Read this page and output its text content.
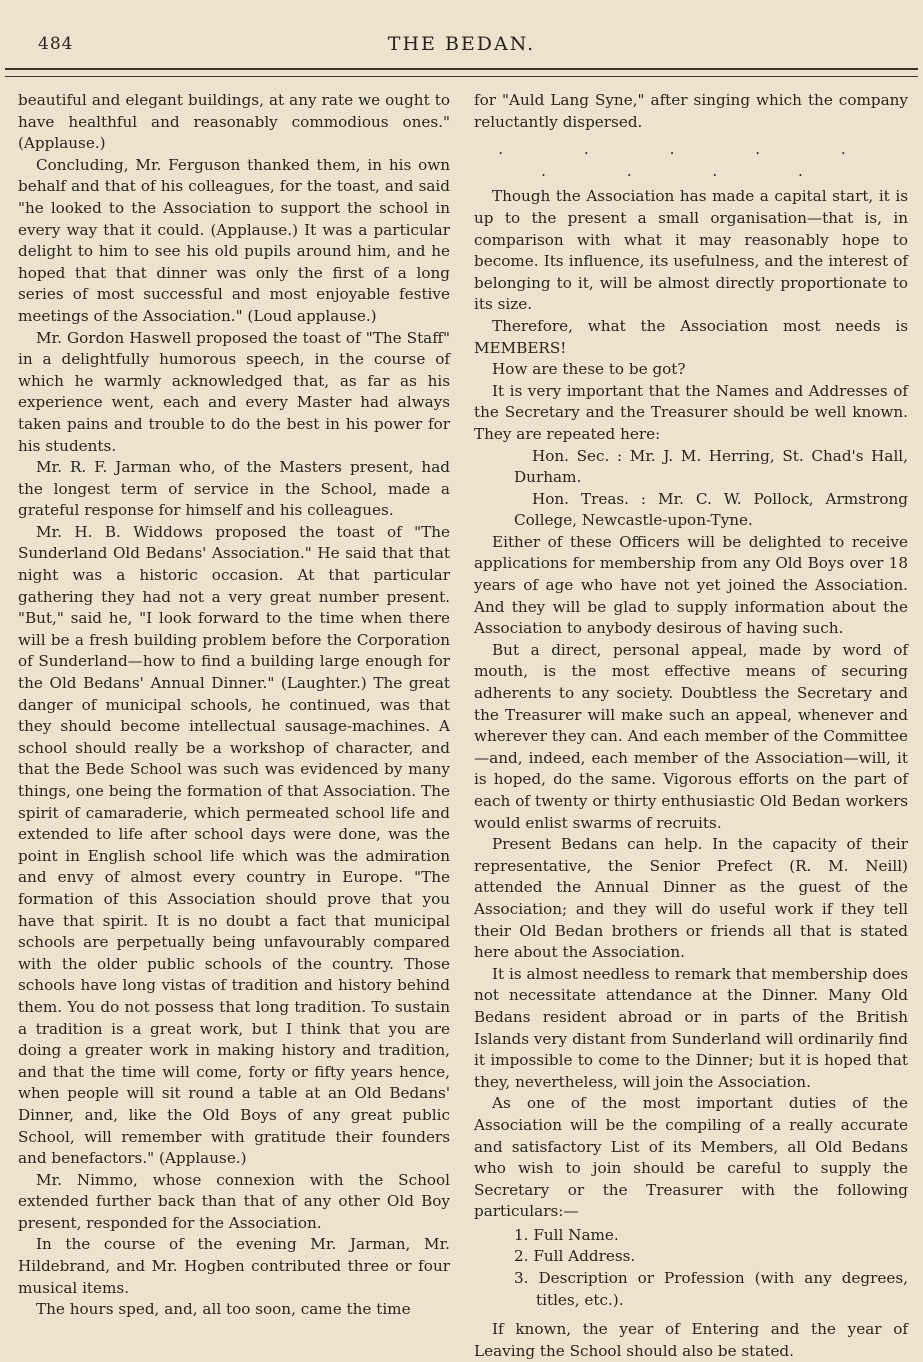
484	THE BEDAN.

beautiful and elegant buildings, at any rate we ought to have healthful and reasonably commodious ones." (Applause.)

Concluding, Mr. Ferguson thanked them, in his own behalf and that of his colleagues, for the toast, and said "he looked to the Association to support the school in every way that it could. (Applause.) It was a particular delight to him to see his old pupils around him, and he hoped that that dinner was only the first of a long series of most successful and most enjoyable festive meetings of the Association." (Loud applause.)

Mr. Gordon Haswell proposed the toast of "The Staff" in a delightfully humorous speech, in the course of which he warmly acknowledged that, as far as his experience went, each and every Master had always taken pains and trouble to do the best in his power for his students.

Mr. R. F. Jarman who, of the Masters present, had the longest term of service in the School, made a grateful response for himself and his colleagues.

Mr. H. B. Widdows proposed the toast of "The Sunderland Old Bedans' Association." He said that that night was a historic occasion. At that particular gathering they had not a very great number present. "But," said he, "I look forward to the time when there will be a fresh building problem before the Corporation of Sunderland—how to find a building large enough for the Old Bedans' Annual Dinner." (Laughter.) The great danger of municipal schools, he continued, was that they should become intellectual sausage-machines. A school should really be a workshop of character, and that the Bede School was such was evidenced by many things, one being the formation of that Association. The spirit of camaraderie, which permeated school life and extended to life after school days were done, was the point in English school life which was the admiration and envy of almost every country in Europe. "The formation of this Association should prove that you have that spirit. It is no doubt a fact that municipal schools are perpetually being unfavourably compared with the older public schools of the country. Those schools have long vistas of tradition and history behind them. You do not possess that long tradition. To sustain a tradition is a great work, but I think that you are doing a greater work in making history and tradition, and that the time will come, forty or fifty years hence, when people will sit round a table at an Old Bedans' Dinner, and, like the Old Boys of any great public School, will remember with gratitude their founders and benefactors." (Applause.)

Mr. Nimmo, whose connexion with the School extended further back than that of any other Old Boy present, responded for the Association.

In the course of the evening Mr. Jarman, Mr. Hildebrand, and Mr. Hogben contributed three or four musical items.

The hours sped, and, all too soon, came the time

for "Auld Lang Syne," after singing which the company reluctantly dispersed.

. . . . . . . . .

Though the Association has made a capital start, it is up to the present a small organisation—that is, in comparison with what it may reasonably hope to become. Its influence, its usefulness, and the interest of belonging to it, will be almost directly proportionate to its size.

Therefore, what the Association most needs is MEMBERS!

How are these to be got?

It is very important that the Names and Addresses of the Secretary and the Treasurer should be well known. They are repeated here:

Hon. Sec. : Mr. J. M. Herring, St. Chad's Hall, Durham.

Hon. Treas. : Mr. C. W. Pollock, Armstrong College, Newcastle-upon-Tyne.

Either of these Officers will be delighted to receive applications for membership from any Old Boys over 18 years of age who have not yet joined the Association. And they will be glad to supply information about the Association to anybody desirous of having such.

But a direct, personal appeal, made by word of mouth, is the most effective means of securing adherents to any society. Doubtless the Secretary and the Treasurer will make such an appeal, whenever and wherever they can. And each member of the Committee—and, indeed, each member of the Association—will, it is hoped, do the same. Vigorous efforts on the part of each of twenty or thirty enthusiastic Old Bedan workers would enlist swarms of recruits.

Present Bedans can help. In the capacity of their representative, the Senior Prefect (R. M. Neill) attended the Annual Dinner as the guest of the Association; and they will do useful work if they tell their Old Bedan brothers or friends all that is stated here about the Association.

It is almost needless to remark that membership does not necessitate attendance at the Dinner. Many Old Bedans resident abroad or in parts of the British Islands very distant from Sunderland will ordinarily find it impossible to come to the Dinner; but it is hoped that they, nevertheless, will join the Association.

As one of the most important duties of the Association will be the compiling of a really accurate and satisfactory List of its Members, all Old Bedans who wish to join should be careful to supply the Secretary or the Treasurer with the following particulars:—

1. Full Name.
2. Full Address.
3. Description or Profession (with any degrees, titles, etc.).

If known, the year of Entering and the year of Leaving the School should also be stated.
